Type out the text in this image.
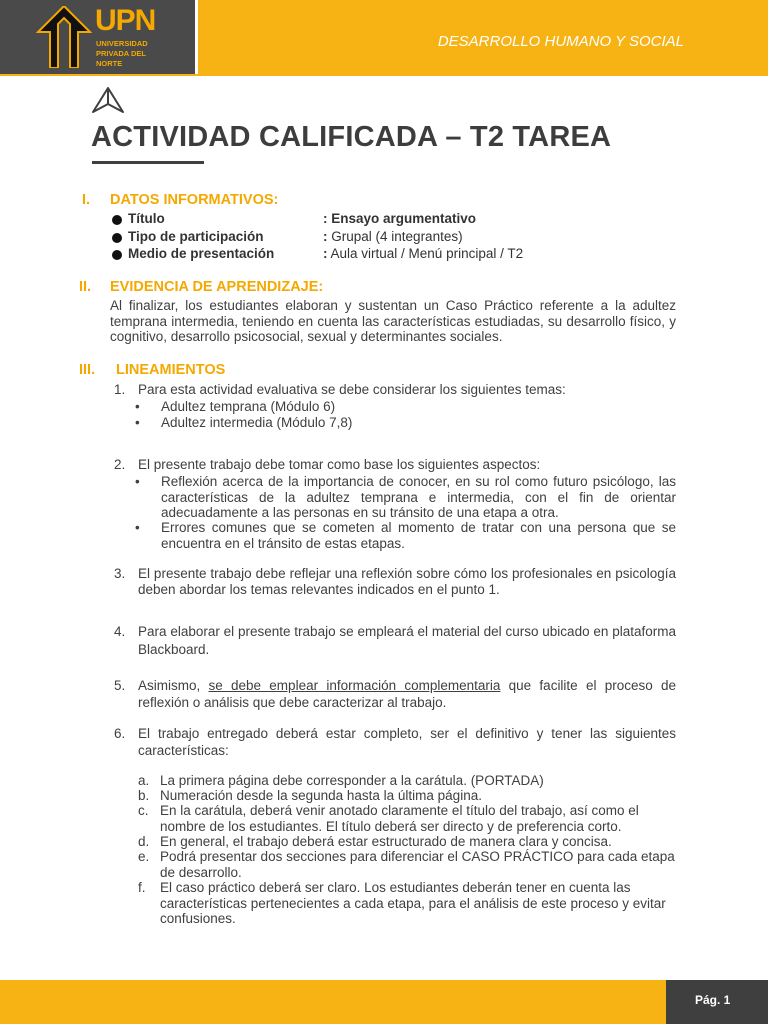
UPN
UNIVERSIDAD PRIVADA DEL NORTE
DESARROLLO HUMANO Y SOCIAL
ACTIVIDAD CALIFICADA – T2 TAREA
I. DATOS INFORMATIVOS:
Título	: Ensayo argumentativo
Tipo de participación	: Grupal (4 integrantes)
Medio de presentación	: Aula virtual / Menú principal / T2
II. EVIDENCIA DE APRENDIZAJE:
Al finalizar, los estudiantes elaboran y sustentan un Caso Práctico referente a la adultez temprana intermedia, teniendo en cuenta las características estudiadas, su desarrollo físico, y cognitivo, desarrollo psicosocial, sexual y determinantes sociales.
III. LINEAMIENTOS
1. Para esta actividad evaluativa se debe considerar los siguientes temas:
• Adultez temprana (Módulo 6)
• Adultez intermedia (Módulo 7,8)
2. El presente trabajo debe tomar como base los siguientes aspectos:
• Reflexión acerca de la importancia de conocer, en su rol como futuro psicólogo, las características de la adultez temprana e intermedia, con el fin de orientar adecuadamente a las personas en su tránsito de una etapa a otra.
• Errores comunes que se cometen al momento de tratar con una persona que se encuentra en el tránsito de estas etapas.
3. El presente trabajo debe reflejar una reflexión sobre cómo los profesionales en psicología deben abordar los temas relevantes indicados en el punto 1.
4. Para elaborar el presente trabajo se empleará el material del curso ubicado en plataforma Blackboard.
5. Asimismo, se debe emplear información complementaria que facilite el proceso de reflexión o análisis que debe caracterizar al trabajo.
6. El trabajo entregado deberá estar completo, ser el definitivo y tener las siguientes características:
a. La primera página debe corresponder a la carátula. (PORTADA)
b. Numeración desde la segunda hasta la última página.
c. En la carátula, deberá venir anotado claramente el título del trabajo, así como el nombre de los estudiantes. El título deberá ser directo y de preferencia corto.
d. En general, el trabajo deberá estar estructurado de manera clara y concisa.
e. Podrá presentar dos secciones para diferenciar el CASO PRÁCTICO para cada etapa de desarrollo.
f. El caso práctico deberá ser claro. Los estudiantes deberán tener en cuenta las características pertenecientes a cada etapa, para el análisis de este proceso y evitar confusiones.
Pág. 1
